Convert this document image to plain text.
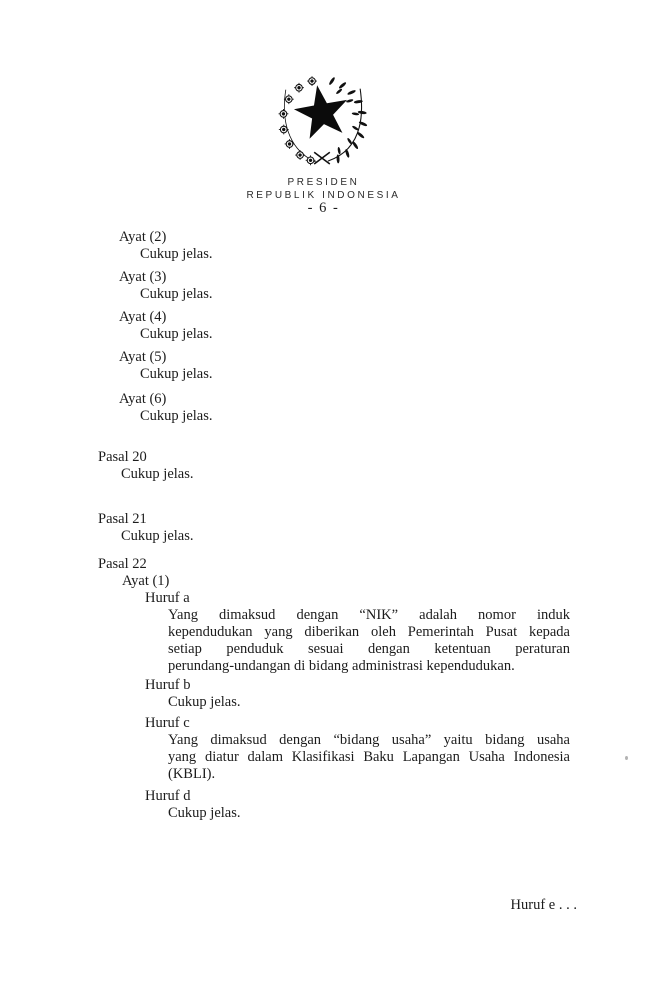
PRESIDEN
REPUBLIK INDONESIA
- 6 -
Ayat (2)
Cukup jelas.
Ayat (3)
Cukup jelas.
Ayat (4)
Cukup jelas.
Ayat (5)
Cukup jelas.
Ayat (6)
Cukup jelas.
Pasal 20
Cukup jelas.
Pasal 21
Cukup jelas.
Pasal 22
Ayat (1)
Huruf a
Yang dimaksud dengan “NIK” adalah nomor induk
kependudukan yang diberikan oleh Pemerintah Pusat kepada
setiap penduduk sesuai dengan ketentuan peraturan
perundang-undangan di bidang administrasi kependudukan.
Huruf b
Cukup jelas.
Huruf c
Yang dimaksud dengan “bidang usaha” yaitu bidang usaha
yang diatur dalam Klasifikasi Baku Lapangan Usaha Indonesia
(KBLI).
Huruf d
Cukup jelas.
Huruf e . . .
